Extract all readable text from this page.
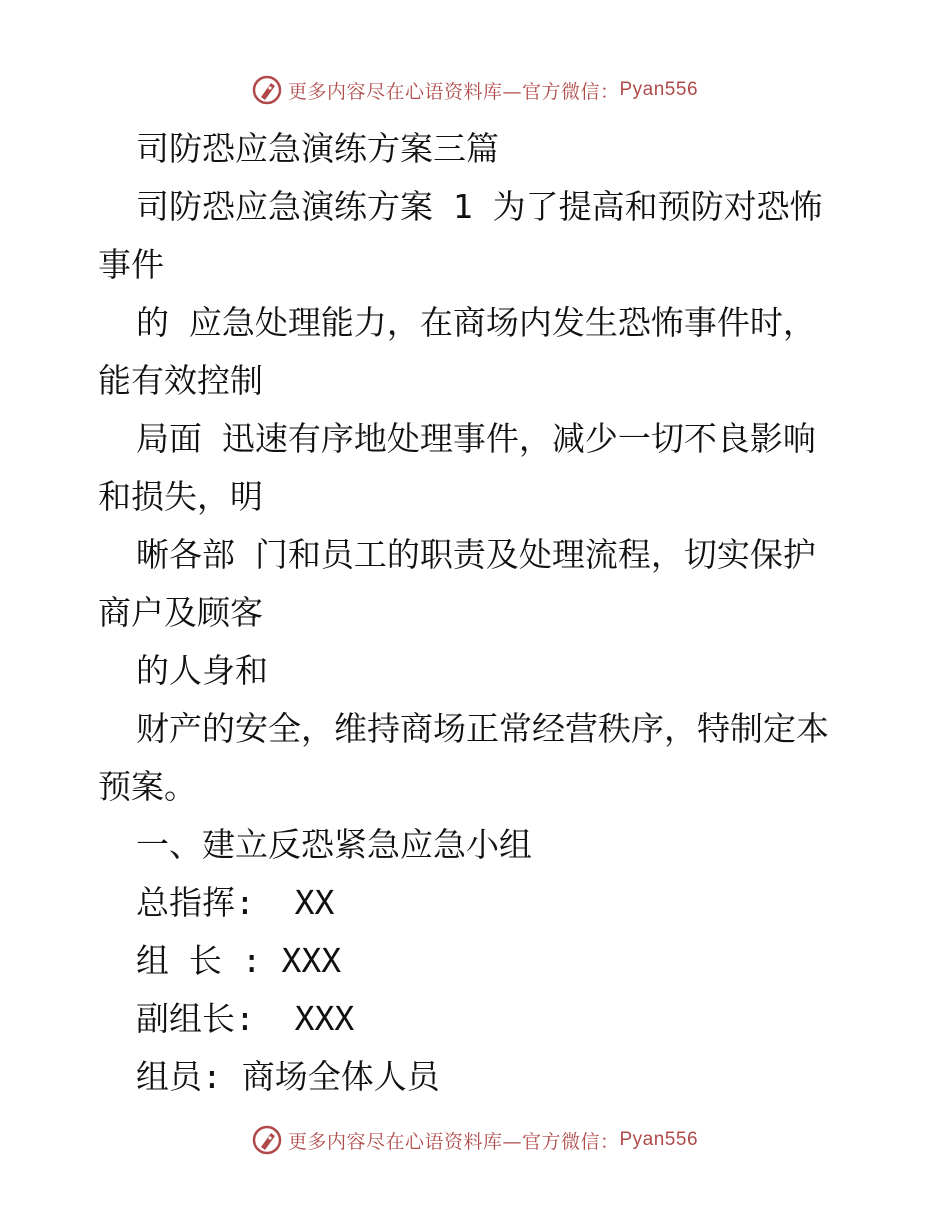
更多内容尽在心语资料库—官方微信： Pyan556
司防恐应急演练方案三篇
司防恐应急演练方案 1 为了提高和预防对恐怖
事件
的 应急处理能力，在商场内发生恐怖事件时，
能有效控制
局面 迅速有序地处理事件，减少一切不良影响
和损失，明
晰各部 门和员工的职责及处理流程，切实保护
商户及顾客
的人身和
财产的安全，维持商场正常经营秩序，特制定本
预案。
一、建立反恐紧急应急小组
总指挥:  XX
组 长 : XXX
副组长:  XXX
组员: 商场全体人员
更多内容尽在心语资料库—官方微信： Pyan556
